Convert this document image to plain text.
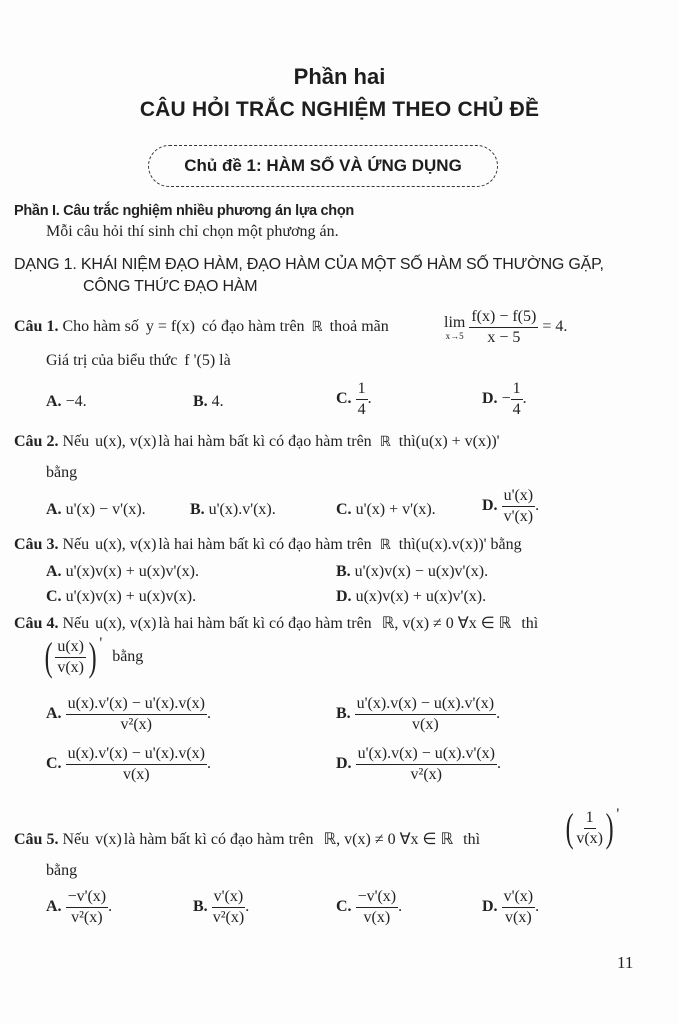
Phần hai
CÂU HỎI TRẮC NGHIỆM THEO CHỦ ĐỀ
Chủ đề 1: HÀM SỐ VÀ ỨNG DỤNG
Phần I. Câu trắc nghiệm nhiều phương án lựa chọn
Mỗi câu hỏi thí sinh chỉ chọn một phương án.
DẠNG 1. KHÁI NIỆM ĐẠO HÀM, ĐẠO HÀM CỦA MỘT SỐ HÀM SỐ THƯỜNG GẶP,
CÔNG THỨC ĐẠO HÀM
Câu 1. Cho hàm số y = f(x) có đạo hàm trên ℝ thoả mãn	lim
x→5
$\frac{f(x) - f(5)}{x - 5} = 4$.
Giá trị của biểu thức f '(5) là
A. −4.	B. 4.	C. $\frac{1}{4}$ .	D. − $\frac{1}{4}$ .
Câu 2. Nếu u(x), v(x) là hai hàm bất kì có đạo hàm trên ℝ thì(u(x) + v(x))'
bằng
A. u'(x) − v'(x).	B. u'(x).v'(x).	C. u'(x) + v'(x).	D. $\frac{u'(x)}{v'(x)}$ .
Câu 3. Nếu u(x), v(x) là hai hàm bất kì có đạo hàm trên ℝ thì(u(x).v(x))' bằng
A. u'(x)v(x) + u(x)v'(x).	B. u'(x)v(x) − u(x)v'(x).
C. u'(x)v(x) + u(x)v(x).	D. u(x)v(x) + u(x)v'(x).
Câu 4. Nếu u(x), v(x) là hai hàm bất kì có đạo hàm trên ℝ, v(x) ≠ 0 ∀x ∈ ℝ thì
( $\frac{u(x)}{v(x)}$ ) ' bằng
A. $\frac{u(x).v'(x) - u'(x).v(x)}{\text{v²(x)}}$ .	B. $\frac{u'(x).v(x) - u(x).v'(x)}{v(x)}$ .
C. $\frac{u(x).v'(x) - u'(x).v(x)}{v(x)}$ .	D. $\frac{u'(x).v(x) - u(x).v'(x)}{\text{v²(x)}}$ .
Câu 5. Nếu v(x) là hàm bất kì có đạo hàm trên ℝ, v(x) ≠ 0 ∀x ∈ ℝ thì ( $\frac{1}{v(x)}$ ) '
bằng
A. $\frac{-v'(x)}{\text{v²(x)}}$ .	B. $\frac{v'(x)}{\text{v²(x)}}$ .	C. $\frac{-v'(x)}{v(x)}$ .	D. $\frac{v'(x)}{v(x)}$ .
11
